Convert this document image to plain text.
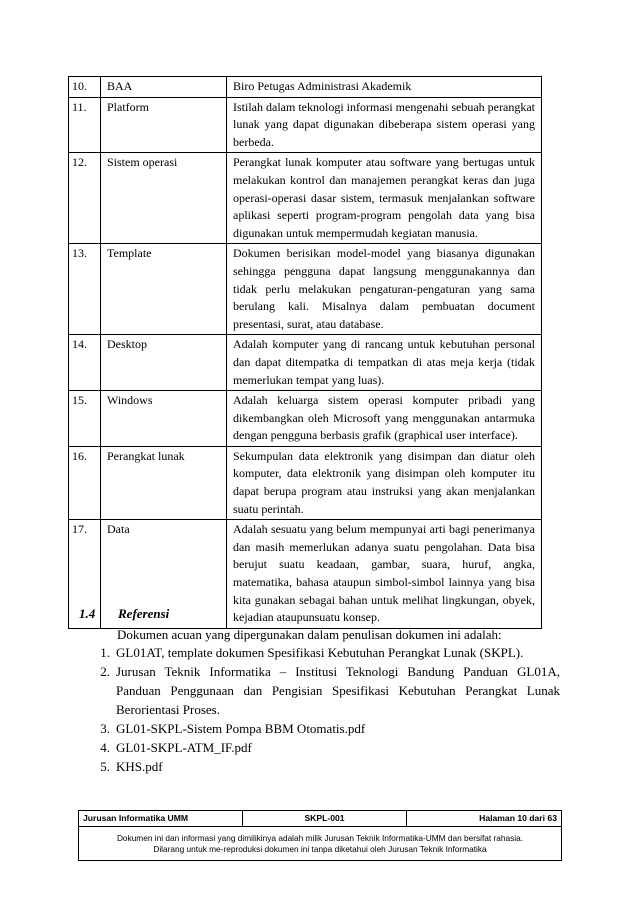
10.	BAA	Biro Petugas Administrasi Akademik
11.	Platform	Istilah dalam teknologi informasi mengenahi sebuah perangkat lunak yang dapat digunakan dibeberapa sistem operasi yang berbeda.
12.	Sistem operasi	Perangkat lunak komputer atau software yang bertugas untuk melakukan kontrol dan manajemen perangkat keras dan juga operasi-operasi dasar sistem, termasuk menjalankan software aplikasi seperti program-program pengolah data yang bisa digunakan untuk mempermudah kegiatan manusia.
13.	Template	Dokumen berisikan model-model yang biasanya digunakan sehingga pengguna dapat langsung menggunakannya dan tidak perlu melakukan pengaturan-pengaturan yang sama berulang kali. Misalnya dalam pembuatan document presentasi, surat, atau database.
14.	Desktop	Adalah komputer yang di rancang untuk kebutuhan personal dan dapat ditempatka di tempatkan di atas meja kerja (tidak memerlukan tempat yang luas).
15.	Windows	Adalah keluarga sistem operasi komputer pribadi yang dikembangkan oleh Microsoft yang menggunakan antarmuka dengan pengguna berbasis grafik (graphical user interface).
16.	Perangkat lunak	Sekumpulan data elektronik yang disimpan dan diatur oleh komputer, data elektronik yang disimpan oleh komputer itu dapat berupa program atau instruksi yang akan menjalankan suatu perintah.
17.	Data	Adalah sesuatu yang belum mempunyai arti bagi penerimanya dan masih memerlukan adanya suatu pengolahan. Data bisa berujut suatu keadaan, gambar, suara, huruf, angka, matematika, bahasa ataupun simbol-simbol lainnya yang bisa kita gunakan sebagai bahan untuk melihat lingkungan, obyek, kejadian ataupunsuatu konsep.
1.4 Referensi
Dokumen acuan yang dipergunakan dalam penulisan dokumen ini adalah:
1. GL01AT, template dokumen Spesifikasi Kebutuhan Perangkat Lunak (SKPL).
2. Jurusan Teknik Informatika – Institusi Teknologi Bandung Panduan GL01A, Panduan Penggunaan dan Pengisian Spesifikasi Kebutuhan Perangkat Lunak Berorientasi Proses.
3. GL01-SKPL-Sistem Pompa BBM Otomatis.pdf
4. GL01-SKPL-ATM_IF.pdf
5. KHS.pdf
Jurusan Informatika UMM	SKPL-001	Halaman 10 dari 63
Dokumen ini dan informasi yang dimilikinya adalah milik Jurusan Teknik Informatika-UMM dan bersifat rahasia.
Dilarang untuk me-reproduksi dokumen ini tanpa diketahui oleh Jurusan Teknik Informatika
